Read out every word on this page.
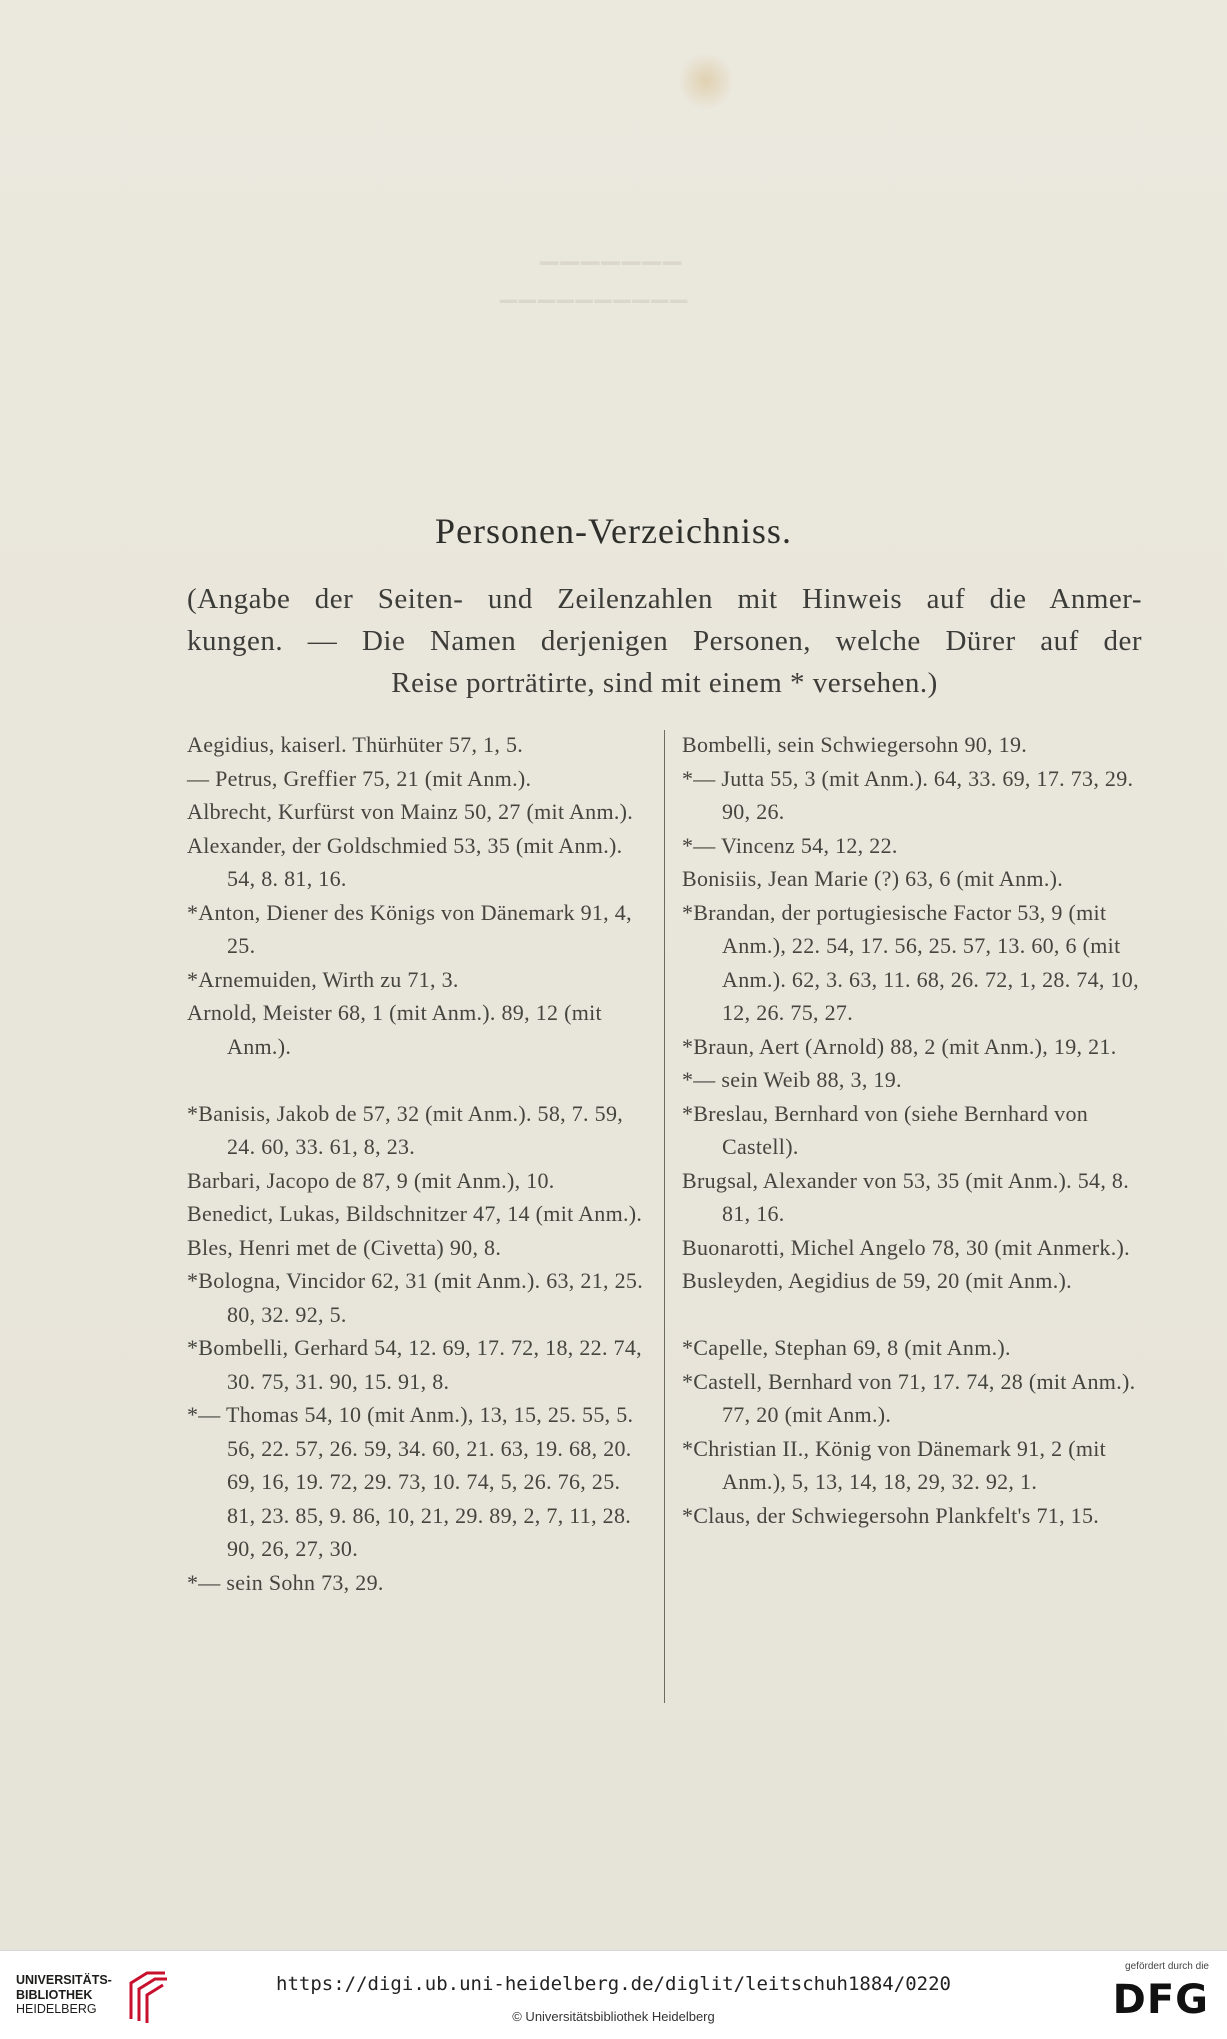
▔▔▔▔▔▔▔
▔▔▔▔▔▔▔▔▔▔
Personen-Verzeichniss.
(Angabe der Seiten- und Zeilenzahlen mit Hinweis auf die Anmer-
kungen. — Die Namen derjenigen Personen, welche Dürer auf der
Reise porträtirte, sind mit einem * versehen.)

Aegidius, kaiserl. Thürhüter 57, 1, 5.

— Petrus, Greffier 75, 21 (mit Anm.).

Albrecht, Kurfürst von Mainz 50, 27 (mit Anm.).

Alexander, der Goldschmied 53, 35 (mit Anm.). 54, 8. 81, 16.

*Anton, Diener des Königs von Dänemark 91, 4, 25.

*Arnemuiden, Wirth zu 71, 3.

Arnold, Meister 68, 1 (mit Anm.). 89, 12 (mit Anm.).

*Banisis, Jakob de 57, 32 (mit Anm.). 58, 7. 59, 24. 60, 33. 61, 8, 23.

Barbari, Jacopo de 87, 9 (mit Anm.), 10.

Benedict, Lukas, Bildschnitzer 47, 14 (mit Anm.).

Bles, Henri met de (Civetta) 90, 8.

*Bologna, Vincidor 62, 31 (mit Anm.). 63, 21, 25. 80, 32. 92, 5.

*Bombelli, Gerhard 54, 12. 69, 17. 72, 18, 22. 74, 30. 75, 31. 90, 15. 91, 8.

*— Thomas 54, 10 (mit Anm.), 13, 15, 25. 55, 5. 56, 22. 57, 26. 59, 34. 60, 21. 63, 19. 68, 20. 69, 16, 19. 72, 29. 73, 10. 74, 5, 26. 76, 25. 81, 23. 85, 9. 86, 10, 21, 29. 89, 2, 7, 11, 28. 90, 26, 27, 30.

*— sein Sohn 73, 29.

Bombelli, sein Schwiegersohn 90, 19.

*— Jutta 55, 3 (mit Anm.). 64, 33. 69, 17. 73, 29. 90, 26.

*— Vincenz 54, 12, 22.

Bonisiis, Jean Marie (?) 63, 6 (mit Anm.).

*Brandan, der portugiesische Factor 53, 9 (mit Anm.), 22. 54, 17. 56, 25. 57, 13. 60, 6 (mit Anm.). 62, 3. 63, 11. 68, 26. 72, 1, 28. 74, 10, 12, 26. 75, 27.

*Braun, Aert (Arnold) 88, 2 (mit Anm.), 19, 21.

*— sein Weib 88, 3, 19.

*Breslau, Bernhard von (siehe Bernhard von Castell).

Brugsal, Alexander von 53, 35 (mit Anm.). 54, 8. 81, 16.

Buonarotti, Michel Angelo 78, 30 (mit Anmerk.).

Busleyden, Aegidius de 59, 20 (mit Anm.).

*Capelle, Stephan 69, 8 (mit Anm.).

*Castell, Bernhard von 71, 17. 74, 28 (mit Anm.). 77, 20 (mit Anm.).

*Christian II., König von Dänemark 91, 2 (mit Anm.), 5, 13, 14, 18, 29, 32. 92, 1.

*Claus, der Schwiegersohn Plankfelt's 71, 15.

UNIVERSITÄTS-
BIBLIOTHEK
HEIDELBERG
https://digi.ub.uni-heidelberg.de/diglit/leitschuh1884/0220
© Universitätsbibliothek Heidelberg
gefördert durch die
DFG
